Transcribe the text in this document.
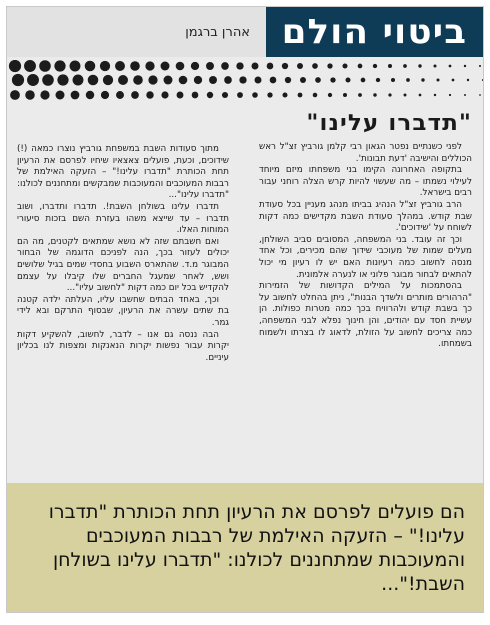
אהרן ברגמן ביטוי הולם
"תדברו עלינו"

לפני כשנתיים נפטר הגאון רבי קלמן גורביץ זצ"ל ראש הכוללים והישיבה 'דעת תבונות'.

בתקופה האחרונה הקימו בני משפחתו מיזם מיוחד לעילוי נשמתו – מה שעשוי להיות קרש הצלה רוחני עבור רבים בישראל.

הרב גורביץ זצ"ל הנהיג בביתו מנהג מעניין בכל סעודת שבת קודש. במהלך סעודת השבת מקדישים כמה דקות לשוחח על 'שידוכים'.

וכך זה עובד. בני המשפחה, המסובים סביב השולחן, מעלים שמות של מעוכבי שידוך שהם מכירים, וכל אחד מנסה לחשוב כמה רעיונות האם יש לו רעיון מי יכול להתאים לבחור מבוגר פלוני או לנערה אלמונית.

בהסתמכות על המילים הקדושות של הזמירות "הרהורים מותרים ולשדך הבנות", ניתן בהחלט לחשוב על כך בשבת קודש ולהרוויח בכך כמה מטרות כפולות. הן עשיית חסד עם יהודים, והן חינוך נפלא לבני המשפחה, כמה צריכים לחשוב על הזולת, לדאוג לו בצרתו ולשמוח בשמחתו.

מתוך סעודות השבת במשפחת גורביץ נוצרו כמאה (!) שידוכים, וכעת, פועלים צאצאיו שיחיו לפרסם את הרעיון תחת הכותרת "תדברו עלינו!" – הזעקה האילמת של רבבות המעוכבים והמעוכבות שמבקשים ומתחננים לכולנו: "תדברו עלינו"...

תדברו עלינו בשולחן השבת!. תדברו ותדברו, ושוב תדברו – עד שייצא משהו בעזרת השם בזכות סיעורי המוחות האלו.

ואם חשבתם שזה לא נושא שמתאים לקטנים, מה הם יכולים לעזור בכך, הנה לפניכם הדוגמה של הבחור המבוגר מ.ד. שהתארס השבוע בחסדי שמים בגיל שלושים ושש, לאחר שמעגל החברים שלו קיבלו על עצמם להקדיש בכל יום כמה דקות "לחשוב עליו"...

וכך, באחד הבתים שחשבו עליו, העלתה ילדה קטנה בת שתים עשרה את הרעיון, שבסוף התרקם ובא לידי גמר.

הבה ננסה גם אנו – לדבר, לחשוב, להשקיע דקות יקרות עבור נפשות יקרות הנאנקות ומצפות לנו בכליון עיניים.

הם פועלים לפרסם את הרעיון תחת הכותרת "תדברו עלינו!" – הזעקה האילמת של רבבות המעוכבים והמעוכבות שמתחננים לכולנו: "תדברו עלינו בשולחן השבת!"...
